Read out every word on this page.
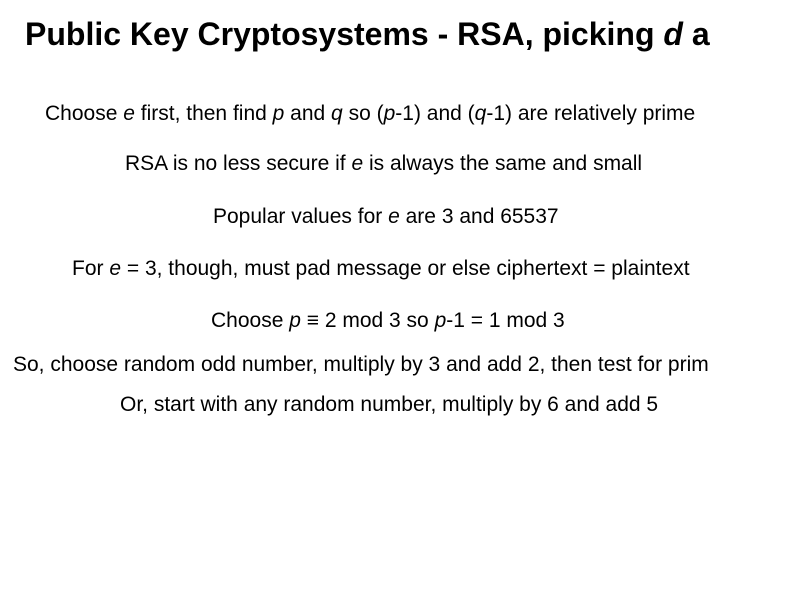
Public Key Cryptosystems - RSA, picking d a
Choose e first, then find p and q so (p-1) and (q-1) are relatively prime
RSA is no less secure if e is always the same and small
Popular values for e are 3 and 65537
For e = 3, though, must pad message or else ciphertext = plaintext
Choose p ≡ 2 mod 3 so p-1 = 1 mod 3
So, choose random odd number, multiply by 3 and add 2, then test for prim
Or, start with any random number, multiply by 6 and add 5
